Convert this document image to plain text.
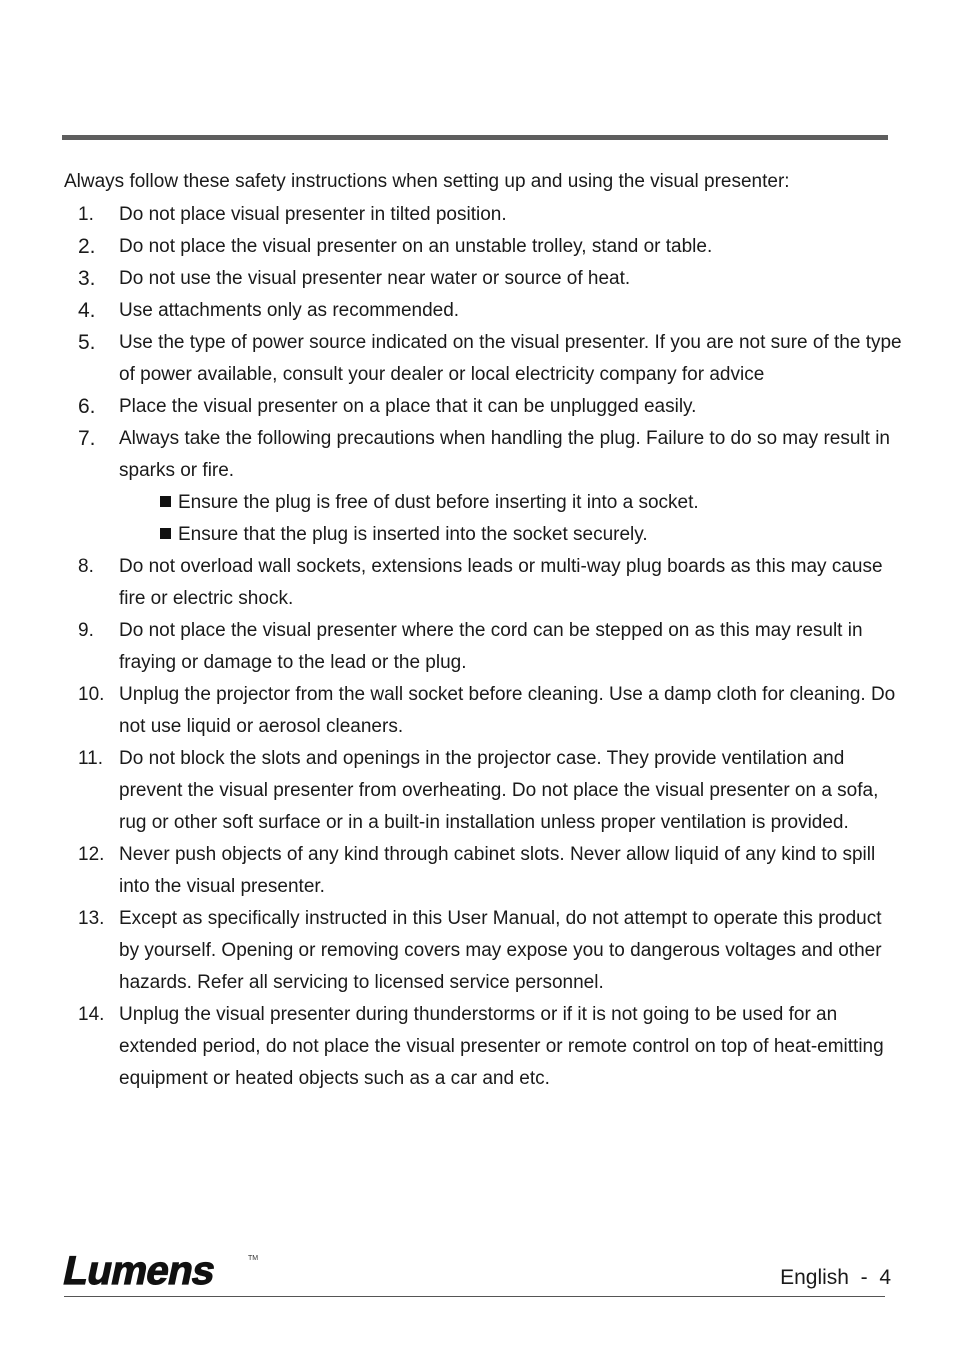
Always follow these safety instructions when setting up and using the visual presenter:
1. Do not place visual presenter in tilted position.
2. Do not place the visual presenter on an unstable trolley, stand or table.
3. Do not use the visual presenter near water or source of heat.
4. Use attachments only as recommended.
5. Use the type of power source indicated on the visual presenter. If you are not sure of the type of power available, consult your dealer or local electricity company for advice
6. Place the visual presenter on a place that it can be unplugged easily.
7. Always take the following precautions when handling the plug. Failure to do so may result in sparks or fire.
Ensure the plug is free of dust before inserting it into a socket.
Ensure that the plug is inserted into the socket securely.
8. Do not overload wall sockets, extensions leads or multi-way plug boards as this may cause fire or electric shock.
9. Do not place the visual presenter where the cord can be stepped on as this may result in fraying or damage to the lead or the plug.
10. Unplug the projector from the wall socket before cleaning. Use a damp cloth for cleaning. Do not use liquid or aerosol cleaners.
11. Do not block the slots and openings in the projector case. They provide ventilation and prevent the visual presenter from overheating. Do not place the visual presenter on a sofa, rug or other soft surface or in a built-in installation unless proper ventilation is provided.
12. Never push objects of any kind through cabinet slots. Never allow liquid of any kind to spill into the visual presenter.
13. Except as specifically instructed in this User Manual, do not attempt to operate this product by yourself. Opening or removing covers may expose you to dangerous voltages and other hazards. Refer all servicing to licensed service personnel.
14. Unplug the visual presenter during thunderstorms or if it is not going to be used for an extended period, do not place the visual presenter or remote control on top of heat-emitting equipment or heated objects such as a car and etc.
Lumens	TM
English  -  4
